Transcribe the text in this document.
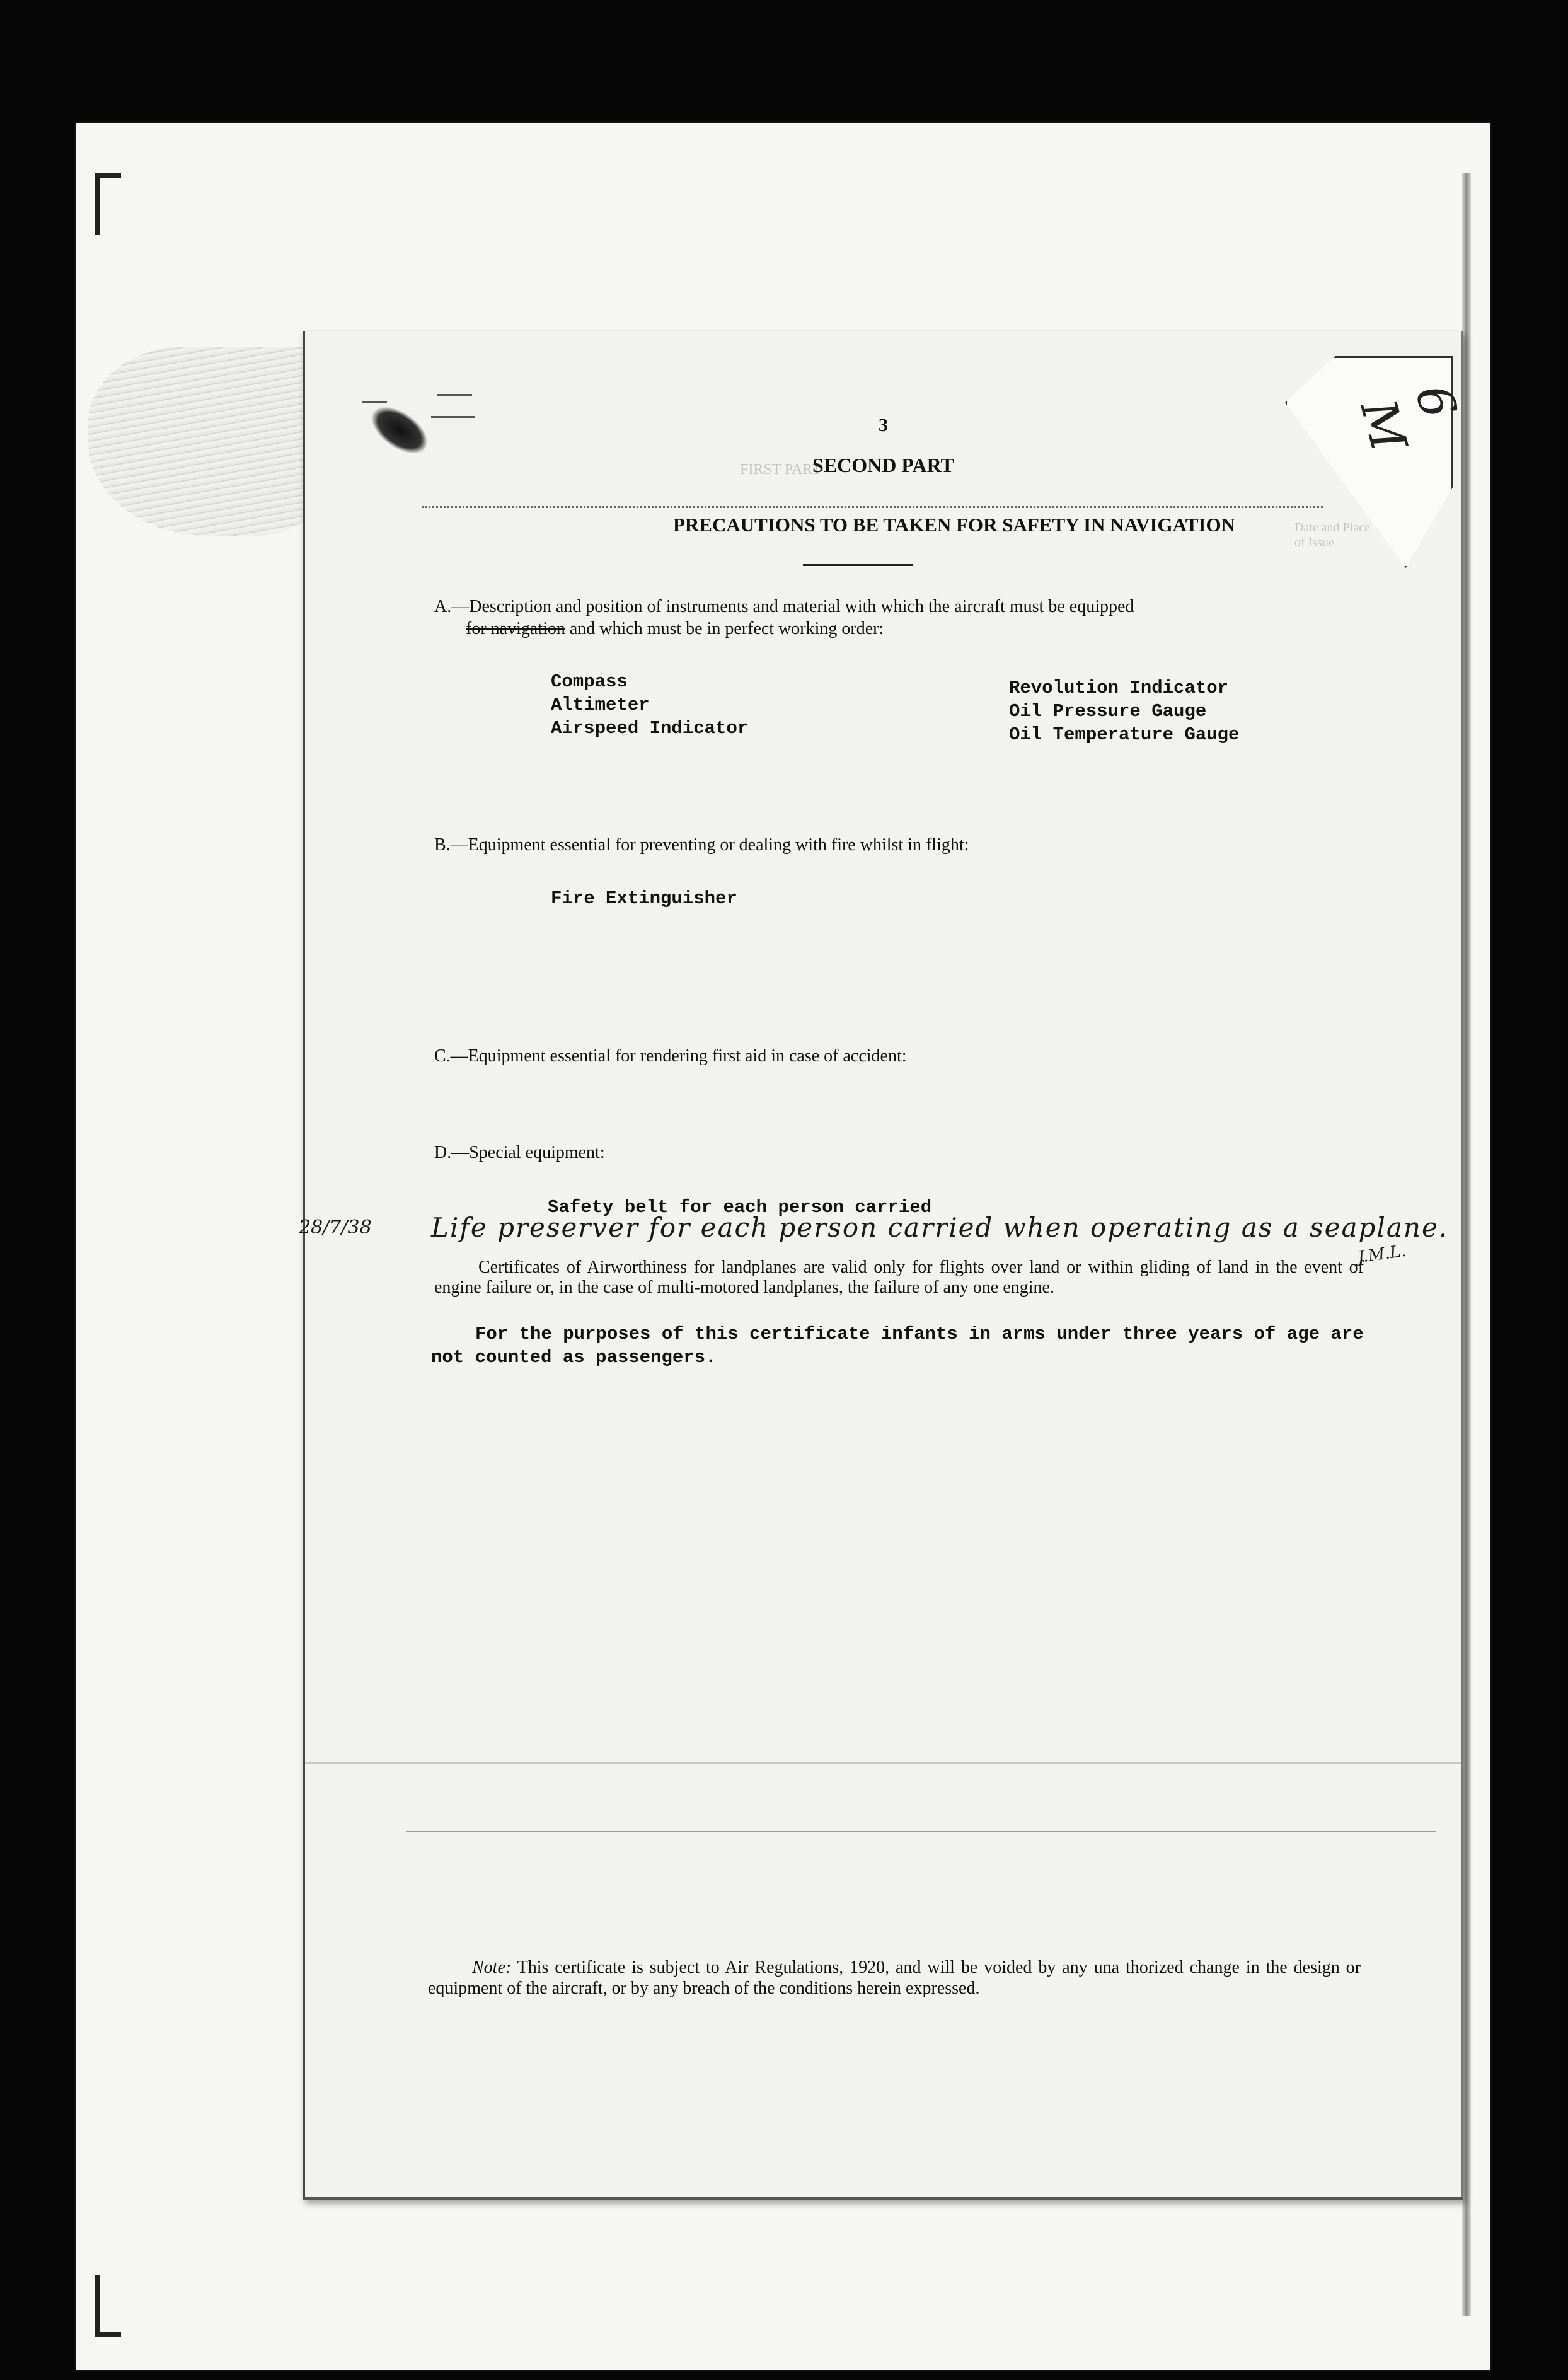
FIRST PART
Date and Place
of Issue
6 M
3
SECOND PART
PRECAUTIONS TO BE TAKEN FOR SAFETY IN NAVIGATION
A.—Description and position of instruments and material with which the aircraft must be equipped
for navigation and which must be in perfect working order:
Compass
Altimeter
Airspeed Indicator
Revolution Indicator
Oil Pressure Gauge
Oil Temperature Gauge
B.—Equipment essential for preventing or dealing with fire whilst in flight:
Fire Extinguisher
C.—Equipment essential for rendering first aid in case of accident:
D.—Special equipment:
Safety belt for each person carried
28/7/38 Life preserver for each person carried when operating as a seaplane.
J.M.L.
Certificates of Airworthiness for landplanes are valid only for flights over land or within gliding of land in the event of engine failure or, in the case of multi-motored landplanes, the failure of any one engine.
For the purposes of this certificate infants in arms under three years of age are not counted as passengers.
Note: This certificate is subject to Air Regulations, 1920, and will be voided by any una thorized change in the design or equipment of the aircraft, or by any breach of the conditions herein expressed.
